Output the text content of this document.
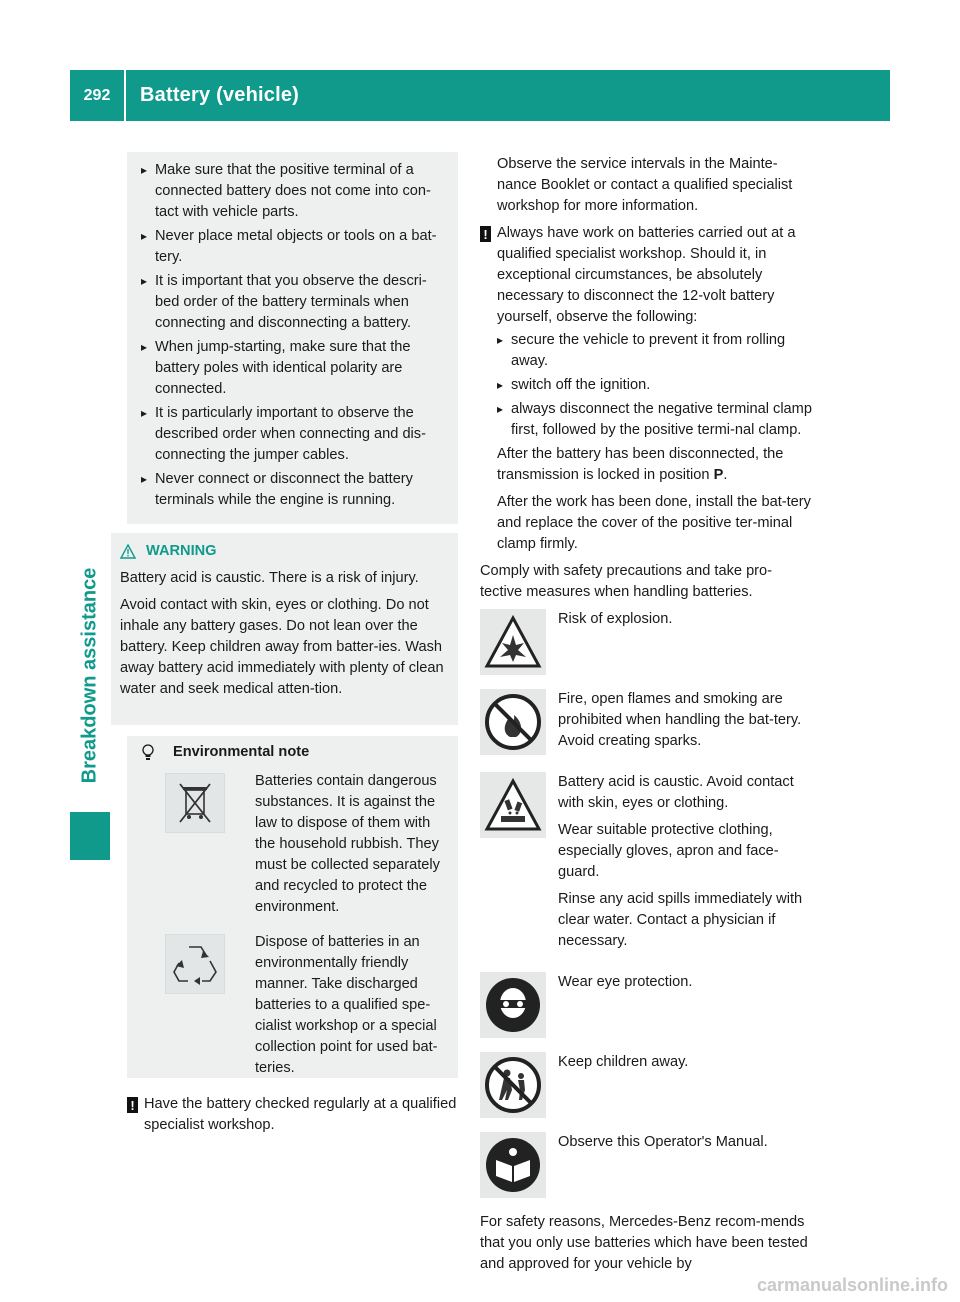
292	Battery (vehicle)
Breakdown assistance
▸ Make sure that the positive terminal of a connected battery does not come into con-tact with vehicle parts.
▸ Never place metal objects or tools on a bat-tery.
▸ It is important that you observe the descri-bed order of the battery terminals when connecting and disconnecting a battery.
▸ When jump-starting, make sure that the battery poles with identical polarity are connected.
▸ It is particularly important to observe the described order when connecting and dis-connecting the jumper cables.
▸ Never connect or disconnect the battery terminals while the engine is running.
WARNING

Battery acid is caustic. There is a risk of injury.

Avoid contact with skin, eyes or clothing. Do not inhale any battery gases. Do not lean over the battery. Keep children away from batter-ies. Wash away battery acid immediately with plenty of clean water and seek medical atten-tion.

Environmental note
Batteries contain dangerous substances. It is against the law to dispose of them with the household rubbish. They must be collected separately and recycled to protect the environment.
Dispose of batteries in an environmentally friendly manner. Take discharged batteries to a qualified spe-cialist workshop or a special collection point for used bat-teries.
! Have the battery checked regularly at a qualified specialist workshop.

Observe the service intervals in the Mainte-nance Booklet or contact a qualified specialist workshop for more information.

! Always have work on batteries carried out at a qualified specialist workshop. Should it, in exceptional circumstances, be absolutely necessary to disconnect the 12-volt battery yourself, observe the following:
▸ secure the vehicle to prevent it from rolling away.
▸ switch off the ignition.
▸ always disconnect the negative terminal clamp first, followed by the positive termi-nal clamp.

After the battery has been disconnected, the transmission is locked in position P.

After the work has been done, install the bat-tery and replace the cover of the positive ter-minal clamp firmly.

Comply with safety precautions and take pro-tective measures when handling batteries.

Risk of explosion.

Fire, open flames and smoking are prohibited when handling the bat-tery. Avoid creating sparks.

Battery acid is caustic. Avoid contact with skin, eyes or clothing.

Wear suitable protective clothing, especially gloves, apron and face-guard.

Rinse any acid spills immediately with clear water. Contact a physician if necessary.

Wear eye protection.

Keep children away.

Observe this Operator's Manual.

For safety reasons, Mercedes-Benz recom-mends that you only use batteries which have been tested and approved for your vehicle by

carmanualsonline.info
